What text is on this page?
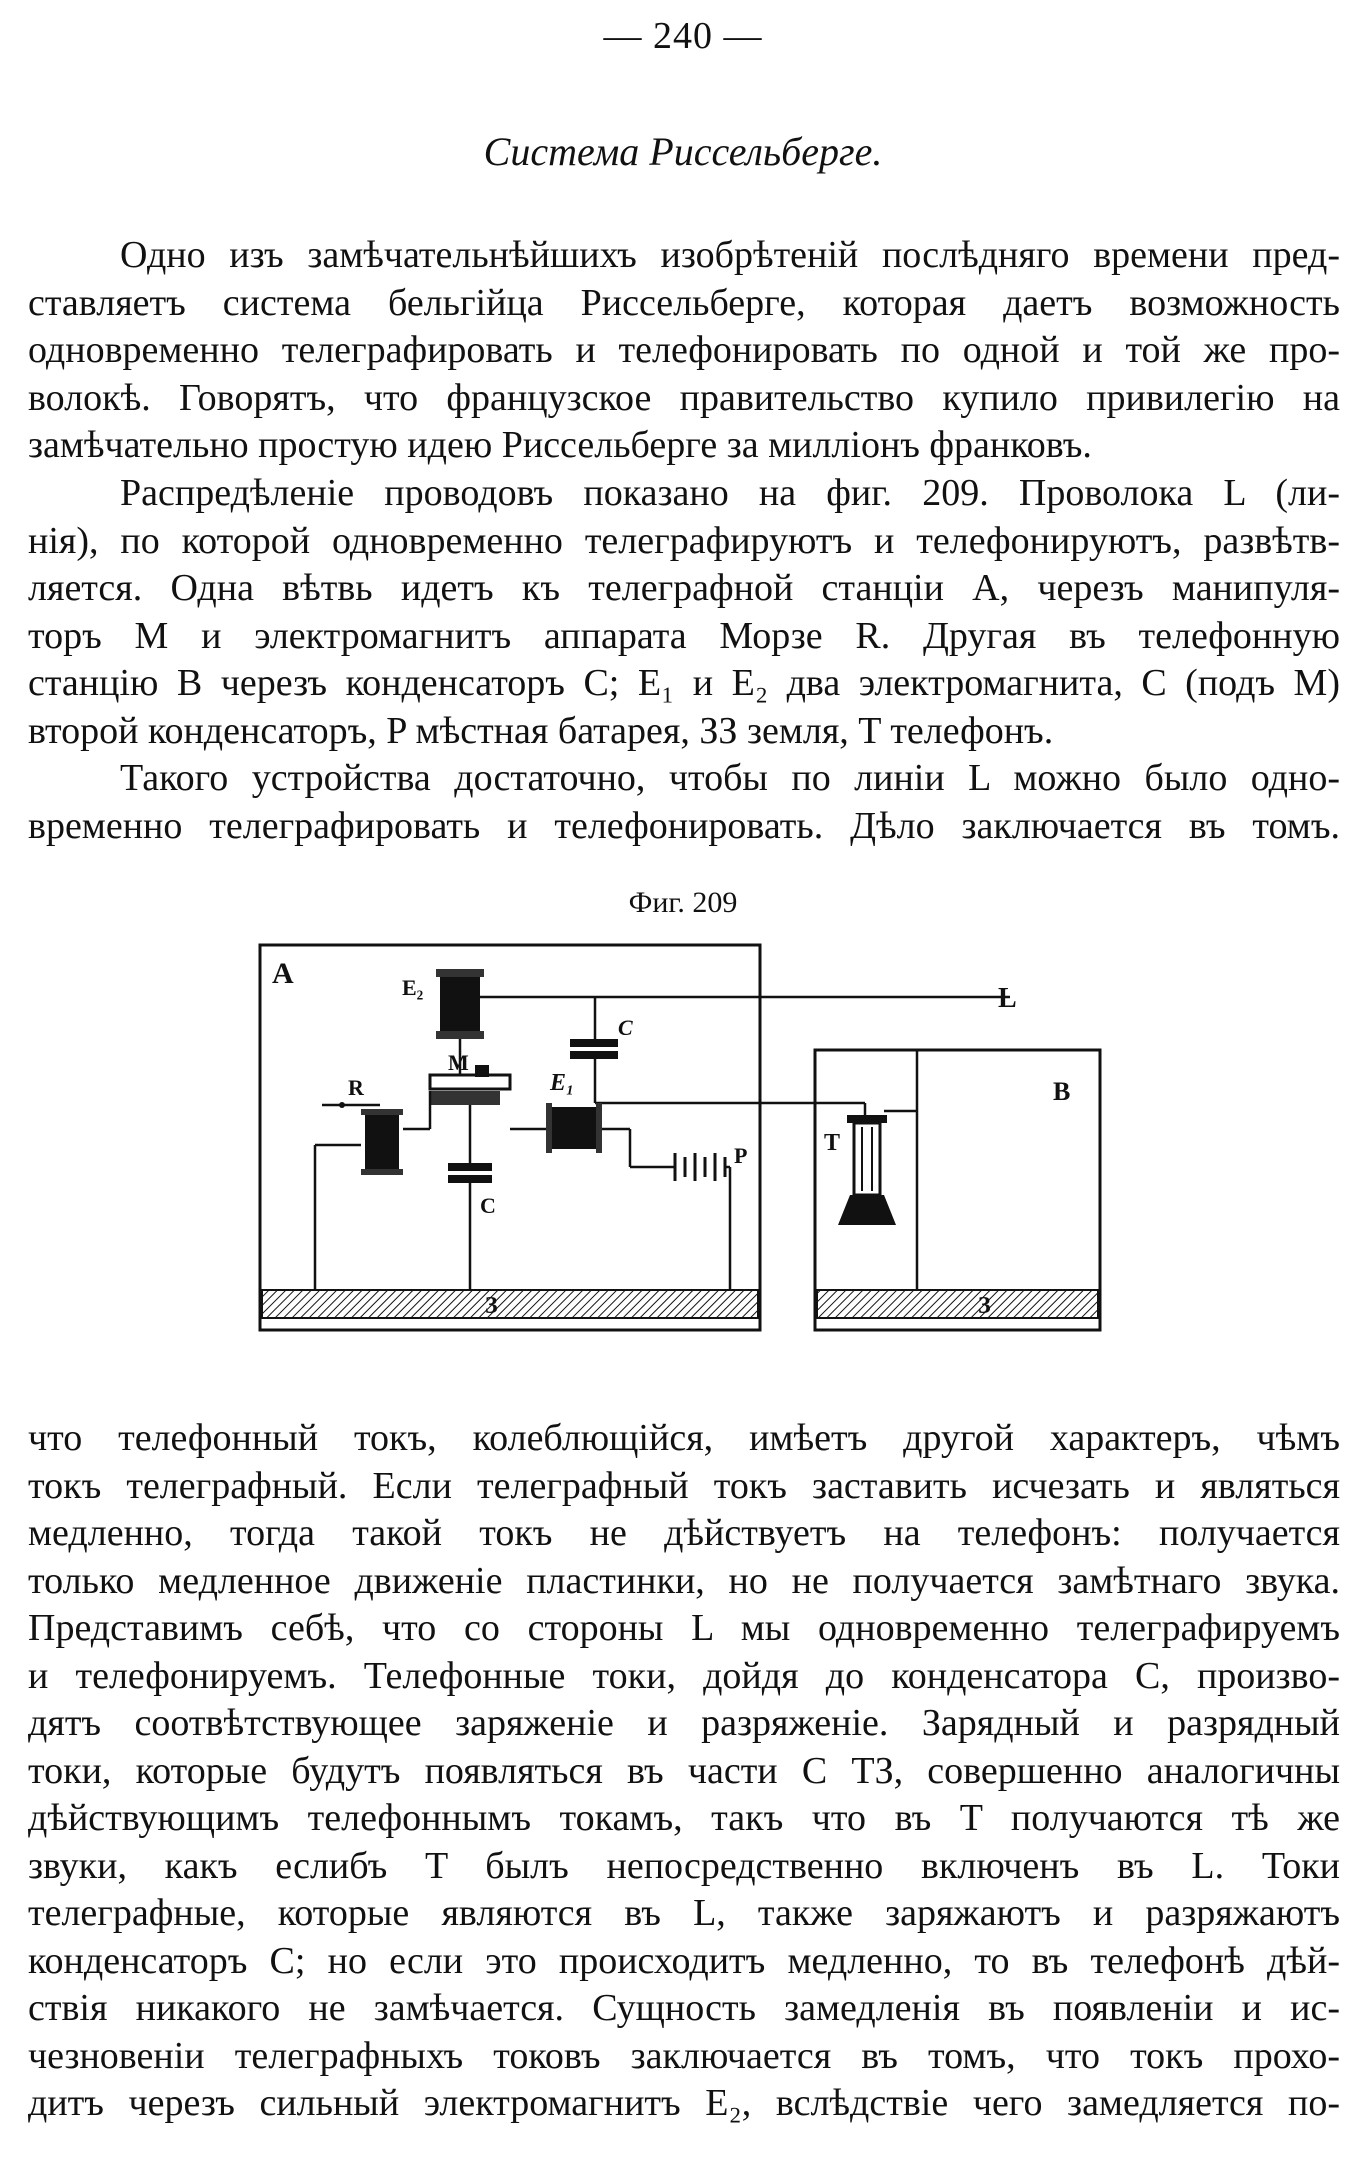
— 240 —
Система Риссельберге.
Одно изъ замѣчательнѣйшихъ изобрѣтеній послѣдняго времени пред-
ставляетъ система бельгійца Риссельберге, которая даетъ возможность
одновременно телеграфировать и телефонировать по одной и той же про-
волокѣ. Говорятъ, что французское правительство купило привилегію на
замѣчательно простую идею Риссельберге за милліонъ франковъ.
Распредѣленіе проводовъ показано на фиг. 209. Проволока L (ли-
нія), по которой одновременно телеграфируютъ и телефонируютъ, развѣтв-
ляется. Одна вѣтвь идетъ къ телеграфной станціи A, черезъ манипуля-
торъ M и электромагнитъ аппарата Морзе R. Другая въ телефонную
станцію B черезъ конденсаторъ C; E₁ и E₂ два электромагнита, C (подъ M)
второй конденсаторъ, P мѣстная батарея, ЗЗ земля, T телефонъ.
Такого устройства достаточно, чтобы по линіи L можно было одно-
временно телеграфировать и телефонировать. Дѣло заключается въ томъ.
Фиг. 209
A
B
L
E₂
E₁
M
R
C
C
P	T
З	З
что телефонный токъ, колеблющійся, имѣетъ другой характеръ, чѣмъ
токъ телеграфный. Если телеграфный токъ заставить исчезать и являться
медленно, тогда такой токъ не дѣйствуетъ на телефонъ: получается
только медленное движеніе пластинки, но не получается замѣтнаго звука.
Представимъ себѣ, что со стороны L мы одновременно телеграфируемъ
и телефонируемъ. Телефонные токи, дойдя до конденсатора C, произво-
дятъ соотвѣтствующее заряженіе и разряженіе. Зарядный и разрядный
токи, которые будутъ появляться въ части C ТЗ, совершенно аналогичны
дѣйствующимъ телефоннымъ токамъ, такъ что въ T получаются тѣ же
звуки, какъ еслибъ T былъ непосредственно включенъ въ L. Токи
телеграфные, которые являются въ L, также заряжаютъ и разряжаютъ
конденсаторъ C; но если это происходитъ медленно, то въ телефонѣ дѣй-
ствія никакого не замѣчается. Сущность замедленія въ появленіи и ис-
чезновеніи телеграфныхъ токовъ заключается въ томъ, что токъ прохо-
дитъ черезъ сильный электромагнитъ E₂, вслѣдствіе чего замедляется по-
